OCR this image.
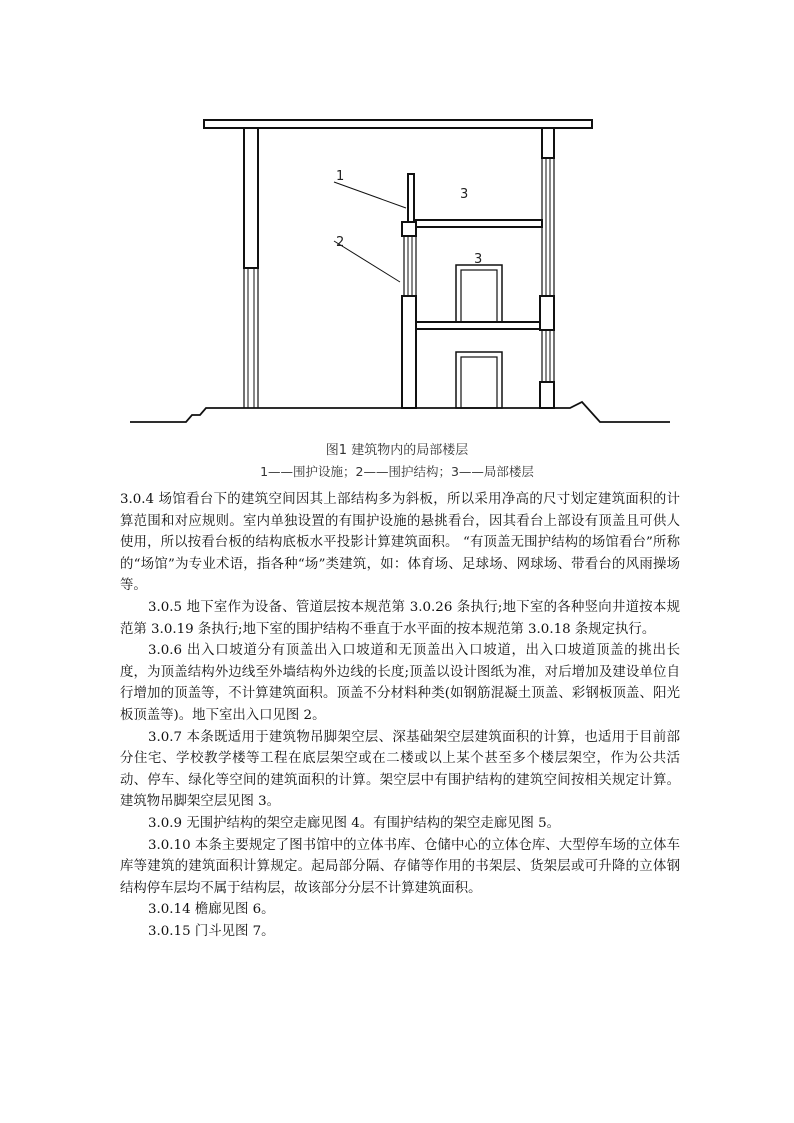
1
2
3
3
图1 建筑物内的局部楼层
1——围护设施；2——围护结构；3——局部楼层

3.0.4 场馆看台下的建筑空间因其上部结构多为斜板，所以采用净高的尺寸划定建筑面积的计算范围和对应规则。室内单独设置的有围护设施的悬挑看台，因其看台上部设有顶盖且可供人使用，所以按看台板的结构底板水平投影计算建筑面积。 “有顶盖无围护结构的场馆看台”所称的“场馆”为专业术语，指各种“场”类建筑，如：体育场、足球场、网球场、带看台的风雨操场等。

3.0.5 地下室作为设备、管道层按本规范第 3.0.26 条执行;地下室的各种竖向井道按本规范第 3.0.19 条执行;地下室的围护结构不垂直于水平面的按本规范第 3.0.18 条规定执行。

3.0.6 出入口坡道分有顶盖出入口坡道和无顶盖出入口坡道，出入口坡道顶盖的挑出长度，为顶盖结构外边线至外墙结构外边线的长度;顶盖以设计图纸为准，对后增加及建设单位自行增加的顶盖等，不计算建筑面积。顶盖不分材料种类(如钢筋混凝土顶盖、彩钢板顶盖、阳光板顶盖等)。地下室出入口见图 2。

3.0.7 本条既适用于建筑物吊脚架空层、深基础架空层建筑面积的计算，也适用于目前部分住宅、学校教学楼等工程在底层架空或在二楼或以上某个甚至多个楼层架空，作为公共活动、停车、绿化等空间的建筑面积的计算。架空层中有围护结构的建筑空间按相关规定计算。建筑物吊脚架空层见图 3。

3.0.9 无围护结构的架空走廊见图 4。有围护结构的架空走廊见图 5。

3.0.10 本条主要规定了图书馆中的立体书库、仓储中心的立体仓库、大型停车场的立体车库等建筑的建筑面积计算规定。起局部分隔、存储等作用的书架层、货架层或可升降的立体钢结构停车层均不属于结构层，故该部分分层不计算建筑面积。

3.0.14 檐廊见图 6。

3.0.15 门斗见图 7。
